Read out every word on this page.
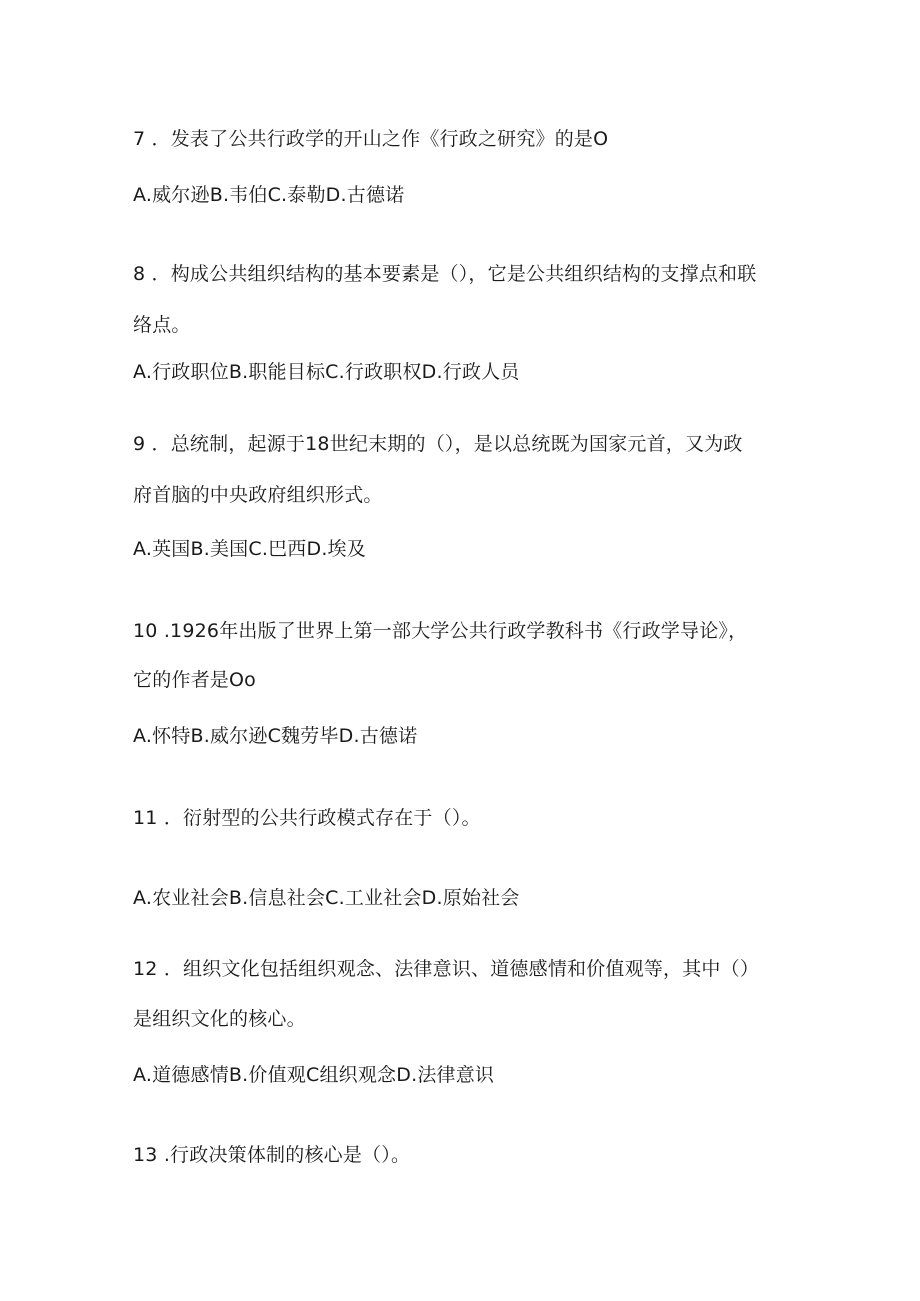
7 ．发表了公共行政学的开山之作《行政之研究》的是O
A.威尔逊B.韦伯C.泰勒D.古德诺
8 ．构成公共组织结构的基本要素是（），它是公共组织结构的支撑点和联
络点。
A.行政职位B.职能目标C.行政职权D.行政人员
9 ．总统制，起源于18世纪末期的（），是以总统既为国家元首，又为政
府首脑的中央政府组织形式。
A.英国B.美国C.巴西D.埃及
10 .1926年出版了世界上第一部大学公共行政学教科书《行政学导论》，
它的作者是Oo
A.怀特B.威尔逊C魏劳毕D.古德诺
11 ．衍射型的公共行政模式存在于（）。
A.农业社会B.信息社会C.工业社会D.原始社会
12 ．组织文化包括组织观念、法律意识、道德感情和价值观等，其中（）
是组织文化的核心。
A.道德感情B.价值观C组织观念D.法律意识
13 .行政决策体制的核心是（）。
